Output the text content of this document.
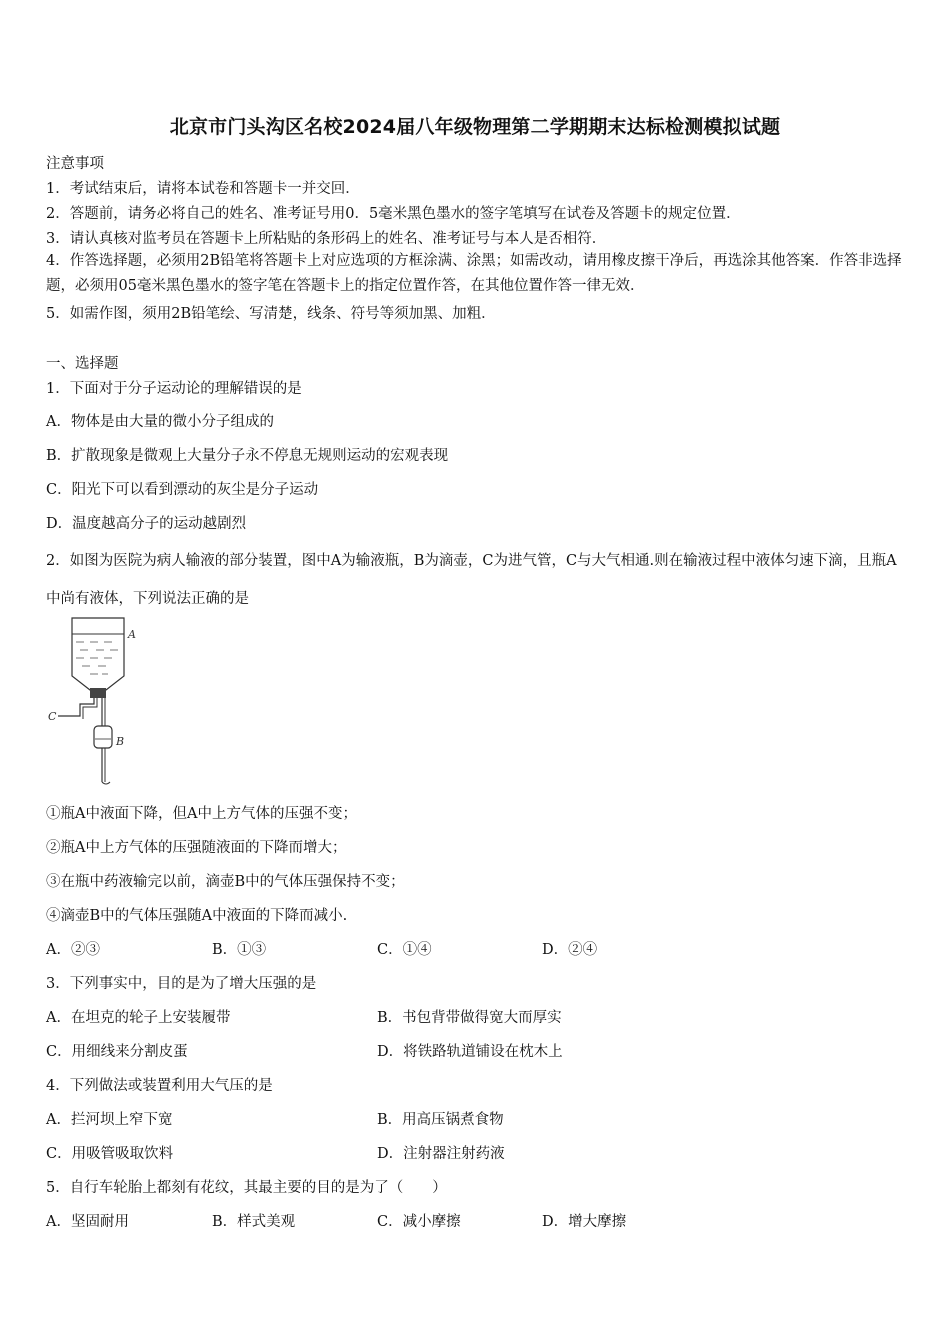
北京市门头沟区名校2024届八年级物理第二学期期末达标检测模拟试题
注意事项
1．考试结束后，请将本试卷和答题卡一并交回．
2．答题前，请务必将自己的姓名、准考证号用0．5毫米黑色墨水的签字笔填写在试卷及答题卡的规定位置．
3．请认真核对监考员在答题卡上所粘贴的条形码上的姓名、准考证号与本人是否相符．
4．作答选择题，必须用2B铅笔将答题卡上对应选项的方框涂满、涂黑；如需改动，请用橡皮擦干净后，再选涂其他答案．作答非选择题，必须用05毫米黑色墨水的签字笔在答题卡上的指定位置作答，在其他位置作答一律无效．
5．如需作图，须用2B铅笔绘、写清楚，线条、符号等须加黑、加粗．
一、选择题
1．下面对于分子运动论的理解错误的是
A．物体是由大量的微小分子组成的
B．扩散现象是微观上大量分子永不停息无规则运动的宏观表现
C．阳光下可以看到漂动的灰尘是分子运动
D．温度越高分子的运动越剧烈
2．如图为医院为病人输液的部分装置，图中A为输液瓶，B为滴壶，C为进气管，C与大气相通.则在输液过程中液体匀速下滴，且瓶A中尚有液体，下列说法正确的是
A
B
C
①瓶A中液面下降，但A中上方气体的压强不变；
②瓶A中上方气体的压强随液面的下降而增大；
③在瓶中药液输完以前，滴壶B中的气体压强保持不变；
④滴壶B中的气体压强随A中液面的下降而减小.
A．②③	B．①③	C．①④	D．②④
3．下列事实中，目的是为了增大压强的是
A．在坦克的轮子上安装履带	B．书包背带做得宽大而厚实
C．用细线来分割皮蛋	D．将铁路轨道铺设在枕木上
4．下列做法或装置利用大气压的是
A．拦河坝上窄下宽	B．用高压锅煮食物
C．用吸管吸取饮料	D．注射器注射药液
5．自行车轮胎上都刻有花纹，其最主要的目的是为了（　　）
A．坚固耐用	B．样式美观	C．减小摩擦	D．增大摩擦
